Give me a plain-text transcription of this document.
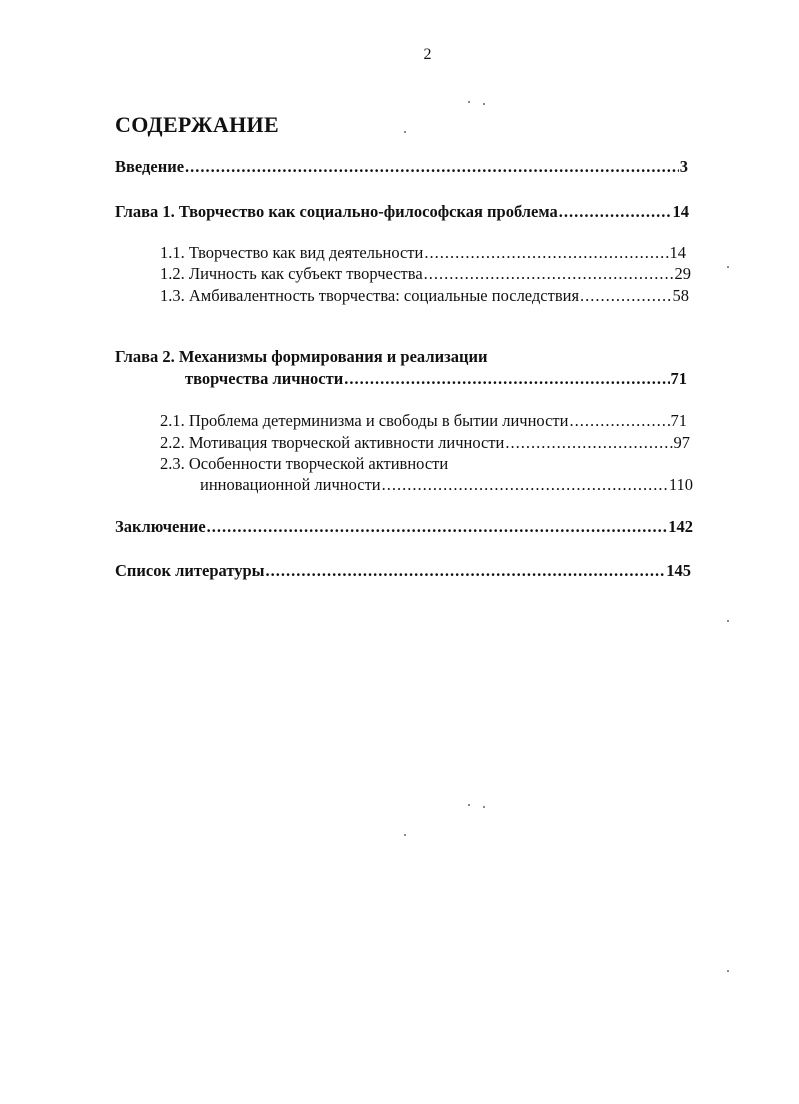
2
СОДЕРЖАНИЕ
Введение .....	3
Глава 1. Творчество как социально-философская проблема .....	14
1.1. Творчество как вид деятельности .....	14
1.2. Личность как субъект творчества .....	29
1.3. Амбивалентность творчества: социальные последствия .....	58
Глава 2. Механизмы формирования и реализации
творчества личности .....	71
2.1. Проблема детерминизма и свободы в бытии личности .....	71
2.2. Мотивация творческой активности личности .....	97
2.3. Особенности творческой активности
инновационной личности .....	110
Заключение .....	142
Список литературы .....	145
